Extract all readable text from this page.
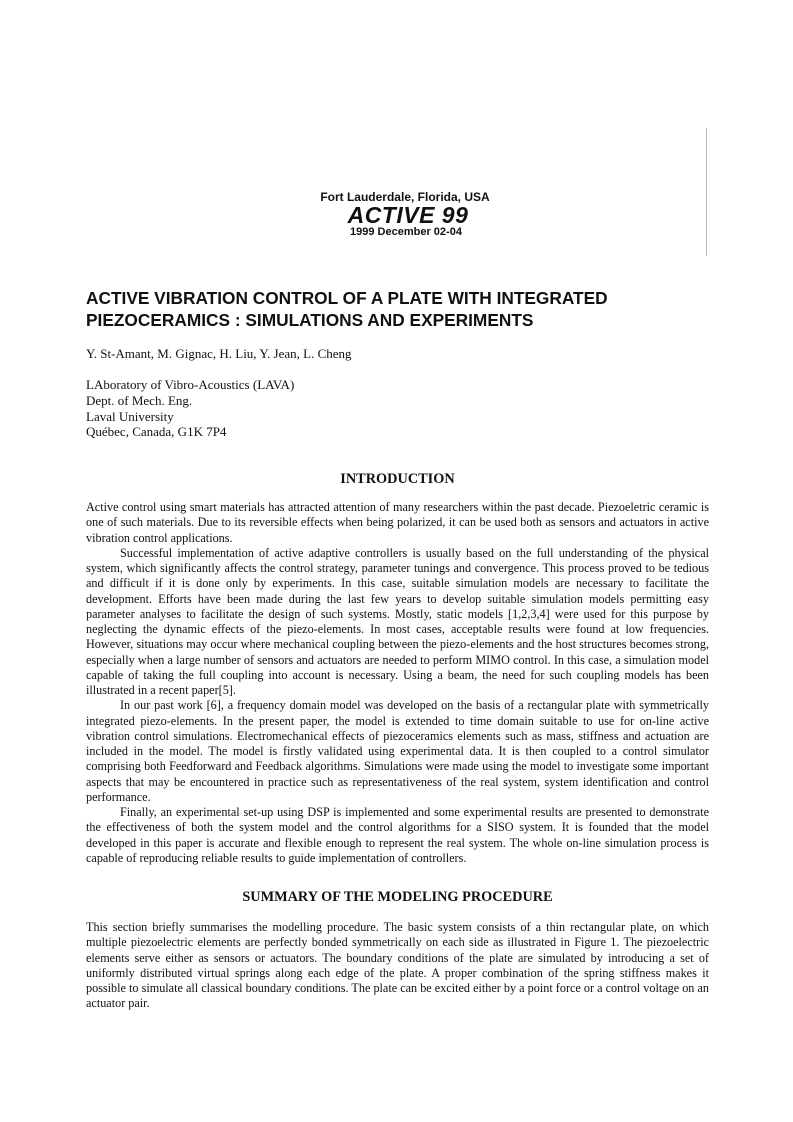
Fort Lauderdale, Florida, USA
ACTIVE 99
1999 December 02-04
ACTIVE VIBRATION CONTROL OF A PLATE WITH INTEGRATED
PIEZOCERAMICS : SIMULATIONS AND EXPERIMENTS
Y. St-Amant, M. Gignac, H. Liu, Y. Jean, L. Cheng
LAboratory of Vibro-Acoustics (LAVA)
Dept. of Mech. Eng.
Laval University
Québec, Canada, G1K 7P4
INTRODUCTION

Active control using smart materials has attracted attention of many researchers within the past decade. Piezoeletric ceramic is one of such materials. Due to its reversible effects when being polarized, it can be used both as sensors and actuators in active vibration control applications.

Successful implementation of active adaptive controllers is usually based on the full understanding of the physical system, which significantly affects the control strategy, parameter tunings and convergence. This process proved to be tedious and difficult if it is done only by experiments. In this case, suitable simulation models are necessary to facilitate the development. Efforts have been made during the last few years to develop suitable simulation models permitting easy parameter analyses to facilitate the design of such systems. Mostly, static models [1,2,3,4] were used for this purpose by neglecting the dynamic effects of the piezo-elements. In most cases, acceptable results were found at low frequencies. However, situations may occur where mechanical coupling between the piezo-elements and the host structures becomes strong, especially when a large number of sensors and actuators are needed to perform MIMO control. In this case, a simulation model capable of taking the full coupling into account is necessary. Using a beam, the need for such coupling models has been illustrated in a recent paper[5].

In our past work [6], a frequency domain model was developed on the basis of a rectangular plate with symmetrically integrated piezo-elements. In the present paper, the model is extended to time domain suitable to use for on-line active vibration control simulations. Electromechanical effects of piezoceramics elements such as mass, stiffness and actuation are included in the model. The model is firstly validated using experimental data. It is then coupled to a control simulator comprising both Feedforward and Feedback algorithms. Simulations were made using the model to investigate some important aspects that may be encountered in practice such as representativeness of the real system, system identification and control performance.

Finally, an experimental set-up using DSP is implemented and some experimental results are presented to demonstrate the effectiveness of both the system model and the control algorithms for a SISO system. It is founded that the model developed in this paper is accurate and flexible enough to represent the real system. The whole on-line simulation process is capable of reproducing reliable results to guide implementation of controllers.

SUMMARY OF THE MODELING PROCEDURE

This section briefly summarises the modelling procedure. The basic system consists of a thin rectangular plate, on which multiple piezoelectric elements are perfectly bonded symmetrically on each side as illustrated in Figure 1. The piezoelectric elements serve either as sensors or actuators. The boundary conditions of the plate are simulated by introducing a set of uniformly distributed virtual springs along each edge of the plate. A proper combination of the spring stiffness makes it possible to simulate all classical boundary conditions. The plate can be excited either by a point force or a control voltage on an actuator pair.
